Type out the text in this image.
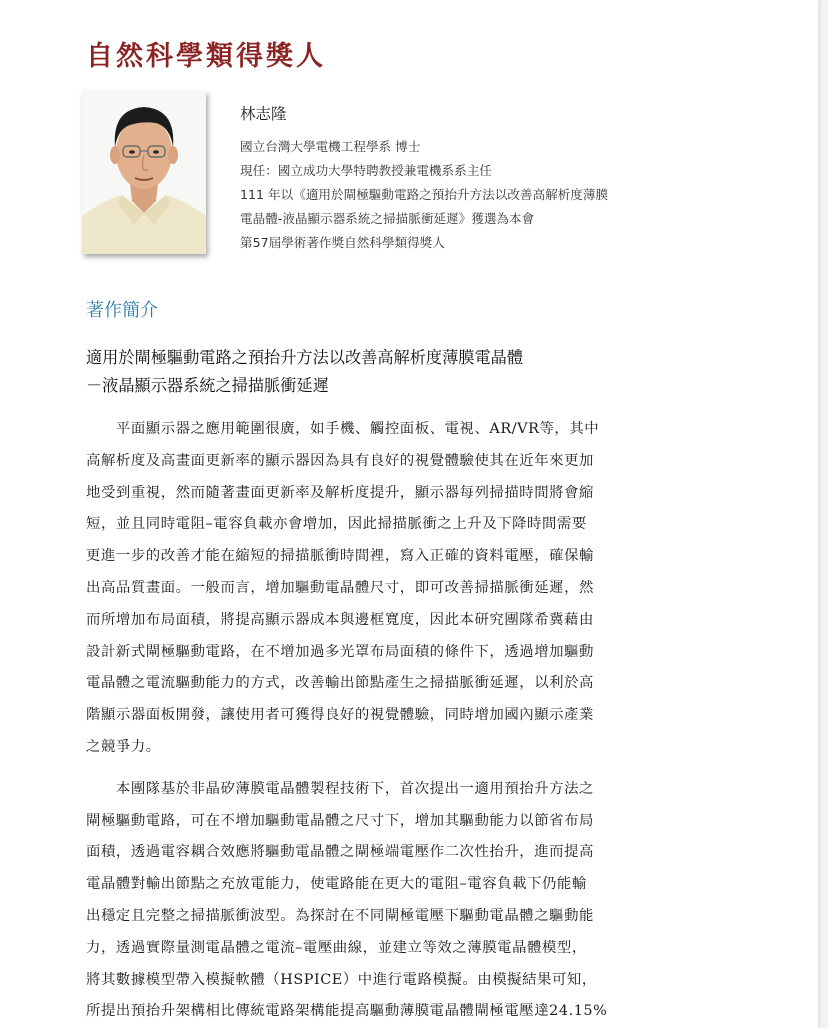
自然科學類得獎人
林志隆
國立台灣大學電機工程學系 博士
現任：國立成功大學特聘教授兼電機系系主任
111 年以《適用於閘極驅動電路之預抬升方法以改善高解析度薄膜
電晶體-液晶顯示器系統之掃描脈衝延遲》獲選為本會
第57屆學術著作獎自然科學類得獎人
著作簡介
適用於閘極驅動電路之預抬升方法以改善高解析度薄膜電晶體
－液晶顯示器系統之掃描脈衝延遲
　　平面顯示器之應用範圍很廣，如手機、觸控面板、電視、AR/VR等，其中
高解析度及高畫面更新率的顯示器因為具有良好的視覺體驗使其在近年來更加
地受到重視，然而隨著畫面更新率及解析度提升，顯示器每列掃描時間將會縮
短，並且同時電阻–電容負載亦會增加，因此掃描脈衝之上升及下降時間需要
更進一步的改善才能在縮短的掃描脈衝時間裡，寫入正確的資料電壓，確保輸
出高品質畫面。一般而言，增加驅動電晶體尺寸，即可改善掃描脈衝延遲，然
而所增加布局面積，將提高顯示器成本與邊框寬度，因此本研究團隊希冀藉由
設計新式閘極驅動電路，在不增加過多光罩布局面積的條件下，透過增加驅動
電晶體之電流驅動能力的方式，改善輸出節點產生之掃描脈衝延遲，以利於高
階顯示器面板開發，讓使用者可獲得良好的視覺體驗，同時增加國內顯示產業
之競爭力。
　　本團隊基於非晶矽薄膜電晶體製程技術下，首次提出一適用預抬升方法之
閘極驅動電路，可在不增加驅動電晶體之尺寸下，增加其驅動能力以節省布局
面積，透過電容耦合效應將驅動電晶體之閘極端電壓作二次性抬升，進而提高
電晶體對輸出節點之充放電能力，使電路能在更大的電阻–電容負載下仍能輸
出穩定且完整之掃描脈衝波型。為探討在不同閘極電壓下驅動電晶體之驅動能
力，透過實際量測電晶體之電流–電壓曲線，並建立等效之薄膜電晶體模型，
將其數據模型帶入模擬軟體（HSPICE）中進行電路模擬。由模擬結果可知，
所提出預抬升架構相比傳統電路架構能提高驅動薄膜電晶體閘極電壓達24.15%
